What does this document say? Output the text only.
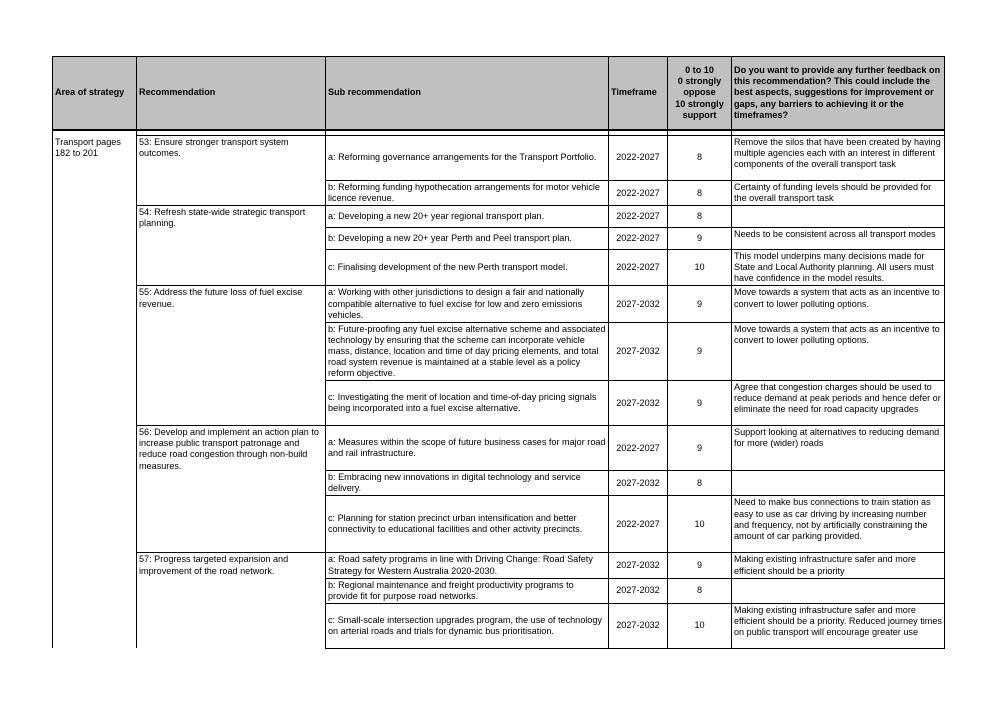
Area of strategy	Recommendation	Sub recommendation	Timeframe	0 to 10
0 strongly oppose
10 strongly support	Do you want to provide any further feedback on this recommendation? This could include the best aspects, suggestions for improvement or gaps, any barriers to achieving it or the timeframes?

Transport pages 182 to 201	53: Ensure stronger transport system outcomes.	a: Reforming governance arrangements for the Transport Portfolio.	2022-2027	8	Remove the silos that have been created by having multiple agencies each with an interest in different components of the overall transport task
		b: Reforming funding hypothecation arrangements for motor vehicle licence revenue.	2022-2027	8	Certainty of funding levels should be provided for the overall transport task
	54: Refresh state-wide strategic transport planning.	a: Developing a new 20+ year regional transport plan.	2022-2027	8	
		b: Developing a new 20+ year Perth and Peel transport plan.	2022-2027	9	Needs to be consistent across all transport modes
		c: Finalising development of the new Perth transport model.	2022-2027	10	This model underpins many decisions made for State and Local Authority planning. All users must have confidence in the model results.
	55: Address the future loss of fuel excise revenue.	a: Working with other jurisdictions to design a fair and nationally compatible alternative to fuel excise for low and zero emissions vehicles.	2027-2032	9	Move towards a system that acts as an incentive to convert to lower polluting options.
		b: Future-proofing any fuel excise alternative scheme and associated technology by ensuring that the scheme can incorporate vehicle mass, distance, location and time of day pricing elements, and total road system revenue is maintained at a stable level as a policy reform objective.	2027-2032	9	Move towards a system that acts as an incentive to convert to lower polluting options.
		c: Investigating the merit of location and time-of-day pricing signals being incorporated into a fuel excise alternative.	2027-2032	9	Agree that congestion charges should be used to reduce demand at peak periods and hence defer or eliminate the need for road capacity upgrades
	56: Develop and implement an action plan to increase public transport patronage and reduce road congestion through non-build measures.	a: Measures within the scope of future business cases for major road and rail infrastructure.	2022-2027	9	Support looking at alternatives to reducing demand for more (wider) roads
		b: Embracing new innovations in digital technology and service delivery.	2027-2032	8	
		c: Planning for station precinct urban intensification and better connectivity to educational facilities and other activity precincts.	2022-2027	10	Need to make bus connections to train station as easy to use as car driving by increasing number and frequency, not by artificially constraining the amount of car parking provided.
	57: Progress targeted expansion and improvement of the road network.	a: Road safety programs in line with Driving Change: Road Safety Strategy for Western Australia 2020-2030.	2027-2032	9	Making existing infrastructure safer and more efficient should be a priority
		b: Regional maintenance and freight productivity programs to provide fit for purpose road networks.	2027-2032	8	
		c: Small-scale intersection upgrades program, the use of technology on arterial roads and trials for dynamic bus prioritisation.	2027-2032	10	Making existing infrastructure safer and more efficient should be a priority. Reduced journey times on public transport will encourage greater use
